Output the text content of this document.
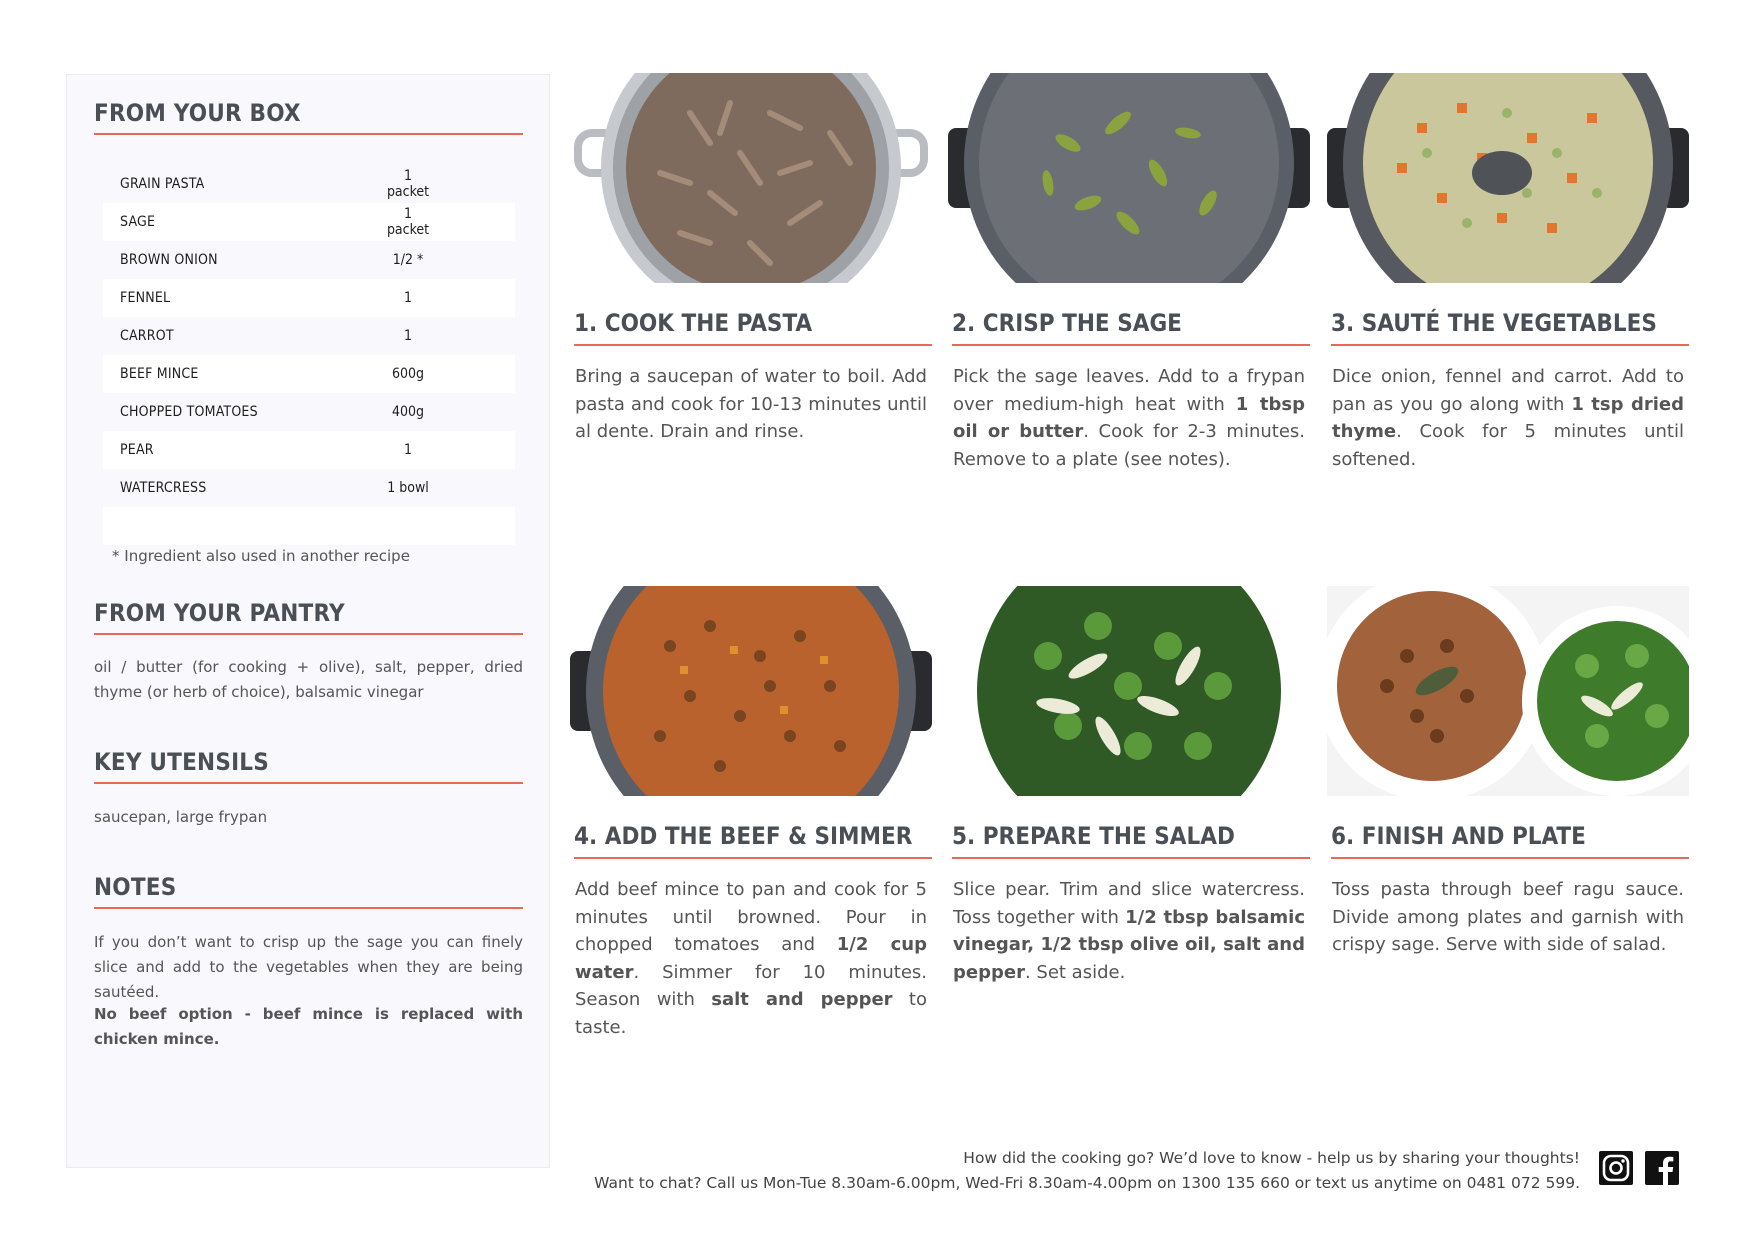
FROM YOUR BOX
GRAIN PASTA	1 packet
SAGE	1 packet
BROWN ONION	1/2 *
FENNEL	1
CARROT	1
BEEF MINCE	600g
CHOPPED TOMATOES	400g
PEAR	1
WATERCRESS	1 bowl

* Ingredient also used in another recipe

FROM YOUR PANTRY

oil / butter (for cooking + olive), salt, pepper, dried thyme (or herb of choice), balsamic vinegar

KEY UTENSILS

saucepan, large frypan

NOTES

If you don’t want to crisp up the sage you can finely slice and add to the vegetables when they are being sautéed.

No beef option - beef mince is replaced with chicken mince.

1. COOK THE PASTA

Bring a saucepan of water to boil. Add pasta and cook for 10-13 minutes until al dente. Drain and rinse.

2. CRISP THE SAGE

Pick the sage leaves. Add to a frypan over medium-high heat with 1 tbsp oil or butter. Cook for 2-3 minutes. Remove to a plate (see notes).

3. SAUTÉ THE VEGETABLES

Dice onion, fennel and carrot. Add to pan as you go along with 1 tsp dried thyme. Cook for 5 minutes until softened.

4. ADD THE BEEF & SIMMER

Add beef mince to pan and cook for 5 minutes until browned. Pour in chopped tomatoes and 1/2 cup water. Simmer for 10 minutes. Season with salt and pepper to taste.

5. PREPARE THE SALAD

Slice pear. Trim and slice watercress. Toss together with 1/2 tbsp balsamic vinegar, 1/2 tbsp olive oil, salt and pepper. Set aside.

6. FINISH AND PLATE

Toss pasta through beef ragu sauce. Divide among plates and garnish with crispy sage. Serve with side of salad.

How did the cooking go? We’d love to know - help us by sharing your thoughts!

Want to chat? Call us Mon-Tue 8.30am-6.00pm, Wed-Fri 8.30am-4.00pm on 1300 135 660 or text us anytime on 0481 072 599.
